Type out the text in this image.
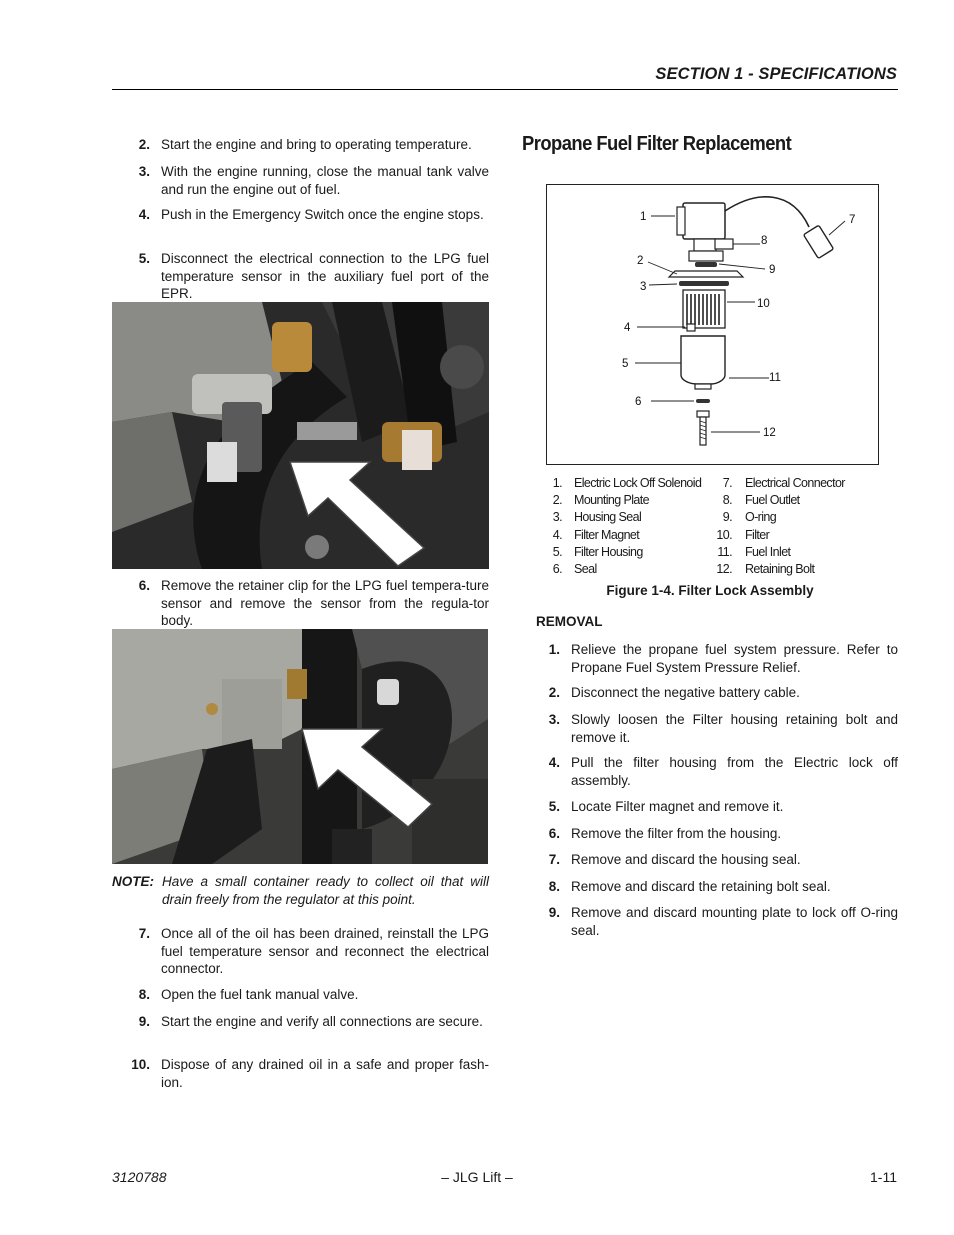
SECTION 1 - SPECIFICATIONS
2. Start the engine and bring to operating temperature.
3. With the engine running, close the manual tank valve and run the engine out of fuel.
4. Push in the Emergency Switch once the engine stops.
5. Disconnect the electrical connection to the LPG fuel temperature sensor in the auxiliary fuel port of the EPR.
6. Remove the retainer clip for the LPG fuel tempera-ture sensor and remove the sensor from the regula-tor body.
NOTE: Have a small container ready to collect oil that will drain freely from the regulator at this point.
7. Once all of the oil has been drained, reinstall the LPG fuel temperature sensor and reconnect the electrical connector.
8. Open the fuel tank manual valve.
9. Start the engine and verify all connections are secure.
10. Dispose of any drained oil in a safe and proper fash-ion.
Propane Fuel Filter Replacement
1
2
3
4
5
6
7
8
9
10
11
12
1. Electric Lock Off Solenoid
2. Mounting Plate
3. Housing Seal
4. Filter Magnet
5. Filter Housing
6. Seal
7. Electrical Connector
8. Fuel Outlet
9. O-ring
10. Filter
11. Fuel Inlet
12. Retaining Bolt
Figure 1-4. Filter Lock Assembly
REMOVAL
1. Relieve the propane fuel system pressure. Refer to Propane Fuel System Pressure Relief.
2. Disconnect the negative battery cable.
3. Slowly loosen the Filter housing retaining bolt and remove it.
4. Pull the filter housing from the Electric lock off assembly.
5. Locate Filter magnet and remove it.
6. Remove the filter from the housing.
7. Remove and discard the housing seal.
8. Remove and discard the retaining bolt seal.
9. Remove and discard mounting plate to lock off O-ring seal.
3120788	– JLG Lift –	1-11
